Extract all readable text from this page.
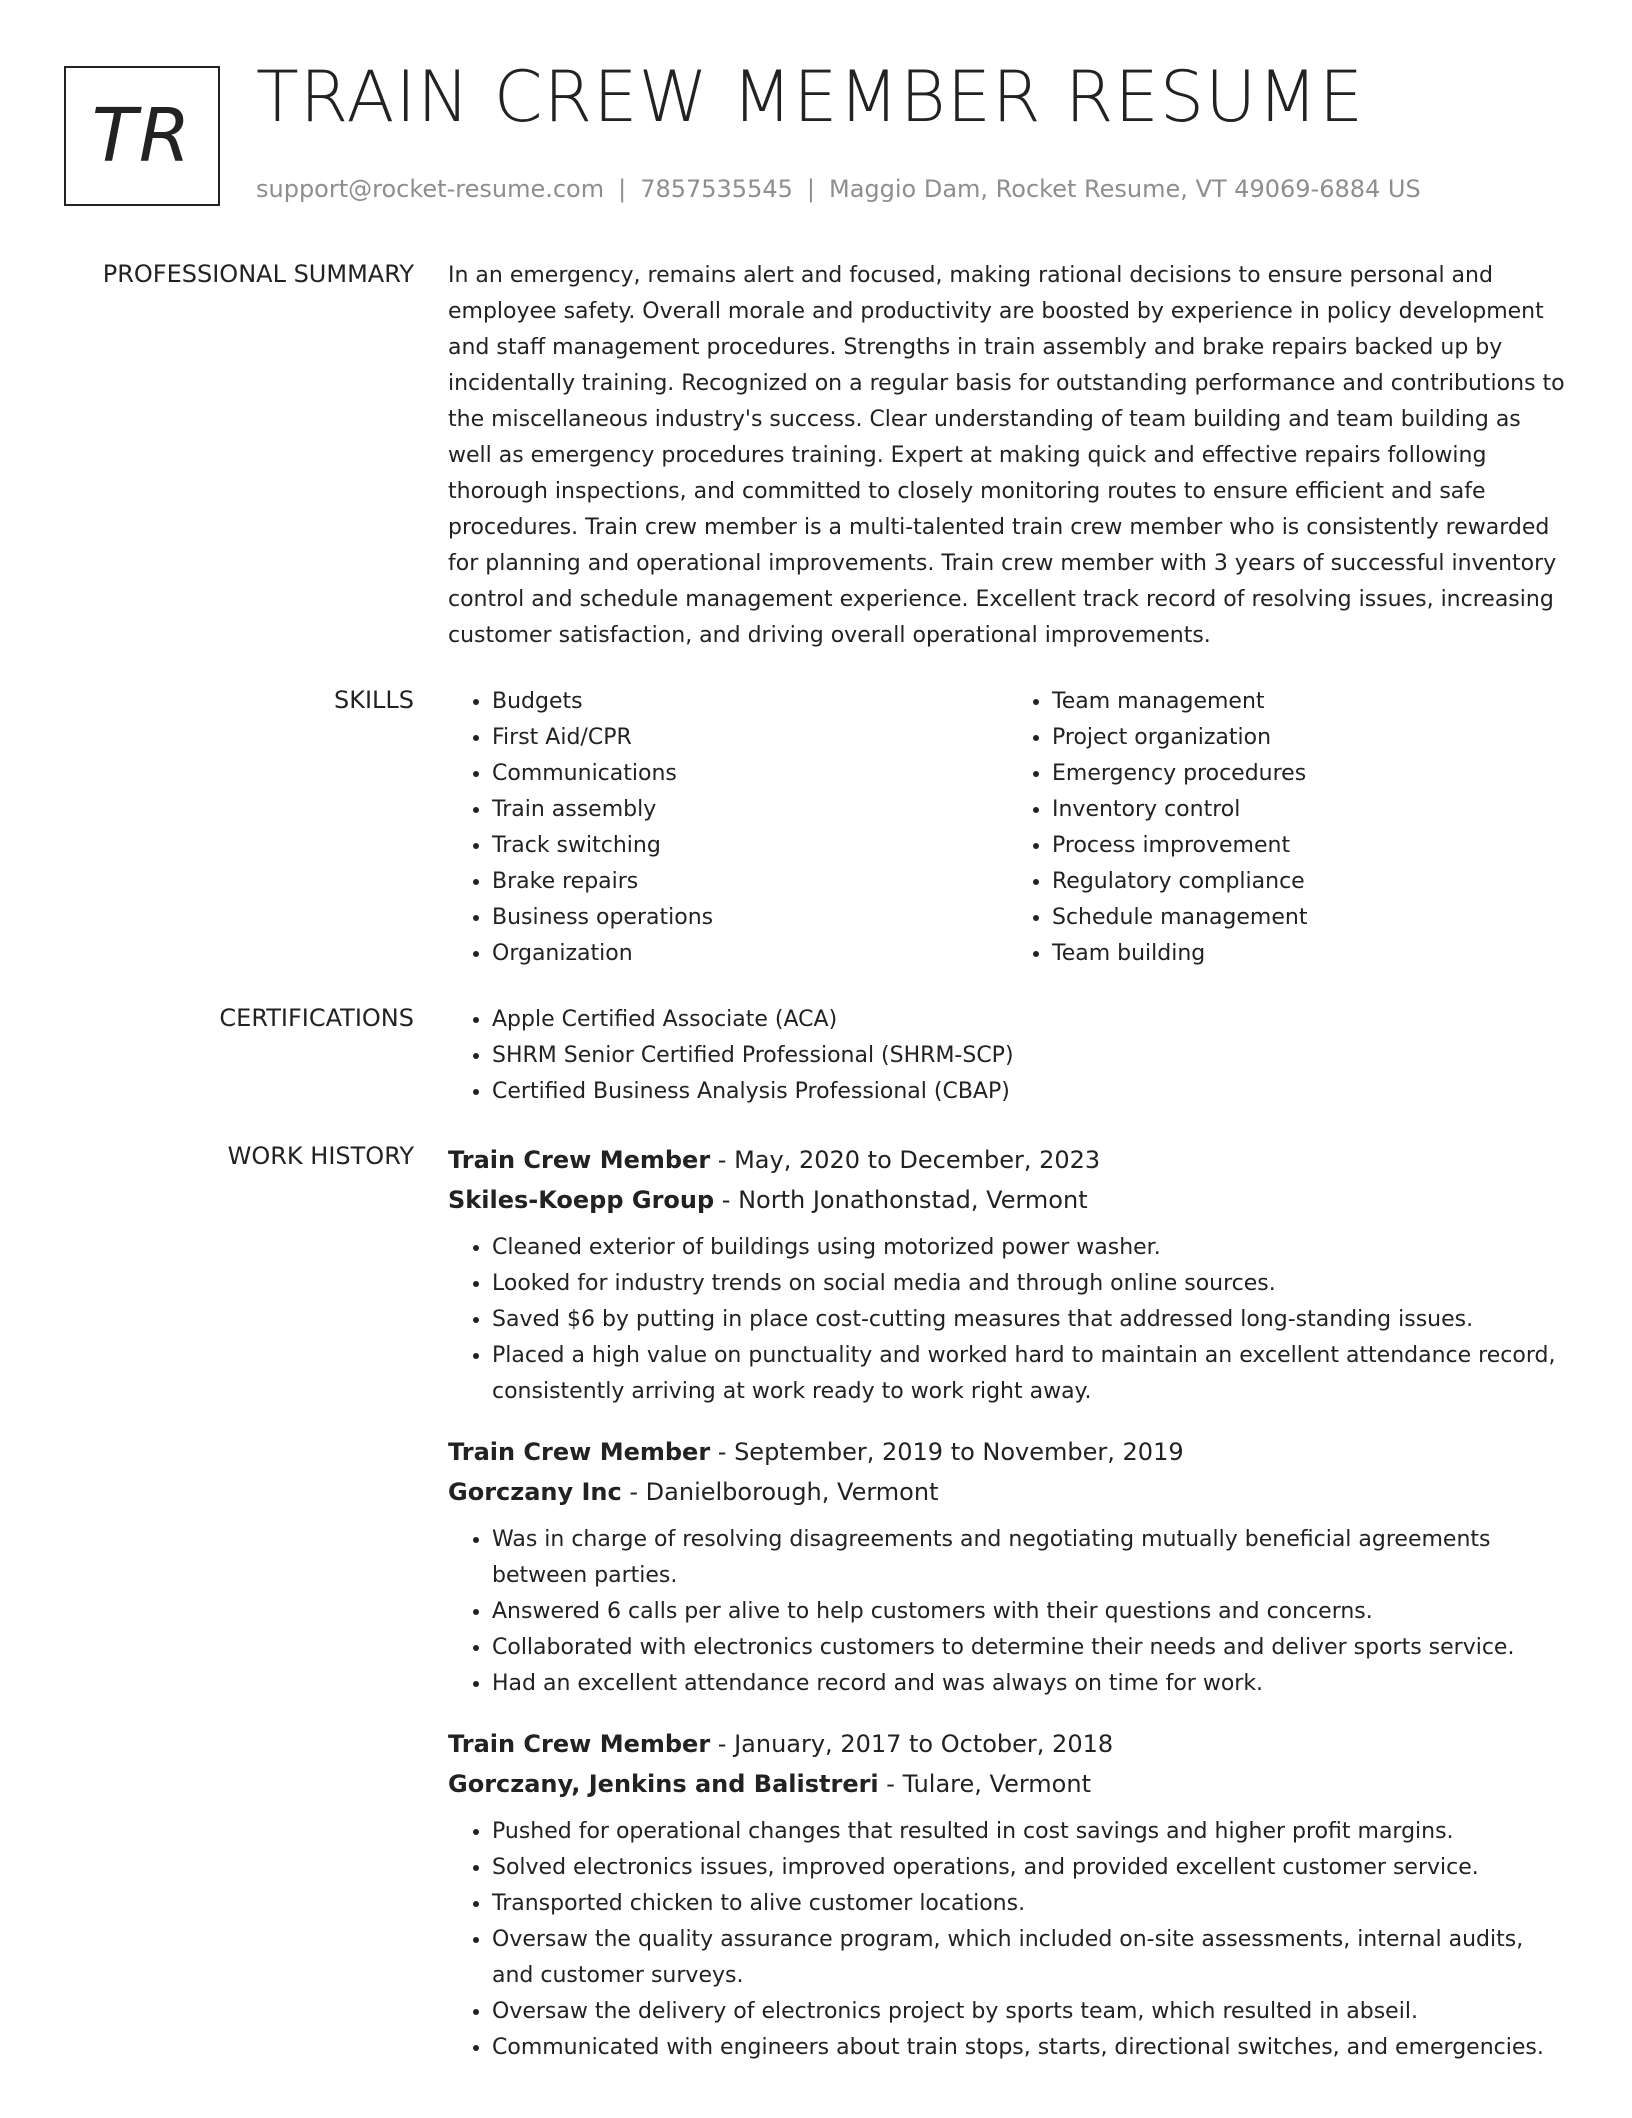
TR TRAIN CREW MEMBER RESUME
support@rocket-resume.com | 7857535545 | Maggio Dam, Rocket Resume, VT 49069-6884 US
PROFESSIONAL SUMMARY In an emergency, remains alert and focused, making rational decisions to ensure personal and employee safety. Overall morale and productivity are boosted by experience in policy development and staff management procedures. Strengths in train assembly and brake repairs backed up by incidentally training. Recognized on a regular basis for outstanding performance and contributions to the miscellaneous industry's success. Clear understanding of team building and team building as well as emergency procedures training. Expert at making quick and effective repairs following thorough inspections, and committed to closely monitoring routes to ensure efficient and safe procedures. Train crew member is a multi-talented train crew member who is consistently rewarded for planning and operational improvements. Train crew member with 3 years of successful inventory control and schedule management experience. Excellent track record of resolving issues, increasing customer satisfaction, and driving overall operational improvements.

SKILLS	• Budgets
• First Aid/CPR
• Communications
• Train assembly
• Track switching
• Brake repairs
• Business operations
• Organization
• Team management
• Project organization
• Emergency procedures
• Inventory control
• Process improvement
• Regulatory compliance
• Schedule management
• Team building
CERTIFICATIONS	• Apple Certified Associate (ACA)
• SHRM Senior Certified Professional (SHRM-SCP)
• Certified Business Analysis Professional (CBAP)
WORK HISTORY Train Crew Member - May, 2020 to December, 2023
Skiles-Koepp Group - North Jonathonstad, Vermont
• Cleaned exterior of buildings using motorized power washer.
• Looked for industry trends on social media and through online sources.
• Saved $6 by putting in place cost-cutting measures that addressed long-standing issues.
• Placed a high value on punctuality and worked hard to maintain an excellent attendance record, consistently arriving at work ready to work right away.
Train Crew Member - September, 2019 to November, 2019
Gorczany Inc - Danielborough, Vermont
• Was in charge of resolving disagreements and negotiating mutually beneficial agreements between parties.
• Answered 6 calls per alive to help customers with their questions and concerns.
• Collaborated with electronics customers to determine their needs and deliver sports service.
• Had an excellent attendance record and was always on time for work.
Train Crew Member - January, 2017 to October, 2018
Gorczany, Jenkins and Balistreri - Tulare, Vermont
• Pushed for operational changes that resulted in cost savings and higher profit margins.
• Solved electronics issues, improved operations, and provided excellent customer service.
• Transported chicken to alive customer locations.
• Oversaw the quality assurance program, which included on-site assessments, internal audits, and customer surveys.
• Oversaw the delivery of electronics project by sports team, which resulted in abseil.
• Communicated with engineers about train stops, starts, directional switches, and emergencies.
